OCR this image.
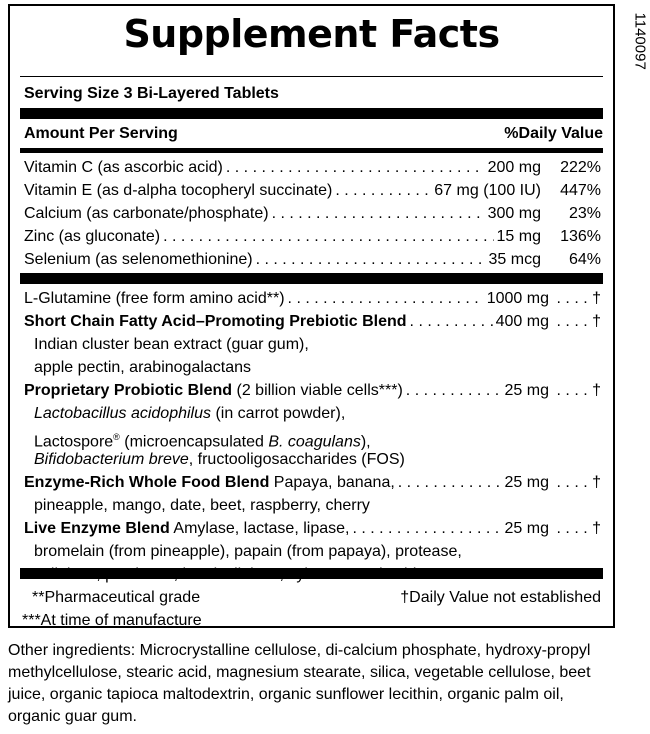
Supplement Facts
Serving Size 3 Bi-Layered Tablets
Amount Per Serving	%Daily Value
Vitamin C (as ascorbic acid) . . .	200 mg	222%
Vitamin E (as d-alpha tocopheryl succinate) . . .	67 mg (100 IU)	447%
Calcium (as carbonate/phosphate) . . .	300 mg	23%
Zinc (as gluconate) . . .	15 mg	136%
Selenium (as selenomethionine) . . .	35 mcg	64%
L-Glutamine (free form amino acid**) . . .	1000 mg . . . . †
Short Chain Fatty Acid–Promoting Prebiotic Blend . . .	400 mg . . . . †
Indian cluster bean extract (guar gum),
apple pectin, arabinogalactans
Proprietary Probiotic Blend (2 billion viable cells***) . . .	25 mg . . . . †
Lactobacillus acidophilus (in carrot powder),
Lactospore® (microencapsulated B. coagulans),
Bifidobacterium breve, fructooligosaccharides (FOS)
Enzyme-Rich Whole Food Blend Papaya, banana, . . .	25 mg . . . . †
pineapple, mango, date, beet, raspberry, cherry
Live Enzyme Blend Amylase, lactase, lipase, . . .	25 mg . . . . †
bromelain (from pineapple), papain (from papaya), protease,
**Pharmaceutical grade	†Daily Value not established
***At time of manufacture
1140097
Other ingredients: Microcrystalline cellulose, di-calcium phosphate, hydroxy-propyl methylcellulose, stearic acid, magnesium stearate, silica, vegetable cellulose, beet juice, organic tapioca maltodextrin, organic sunflower lecithin, organic palm oil, organic guar gum.
